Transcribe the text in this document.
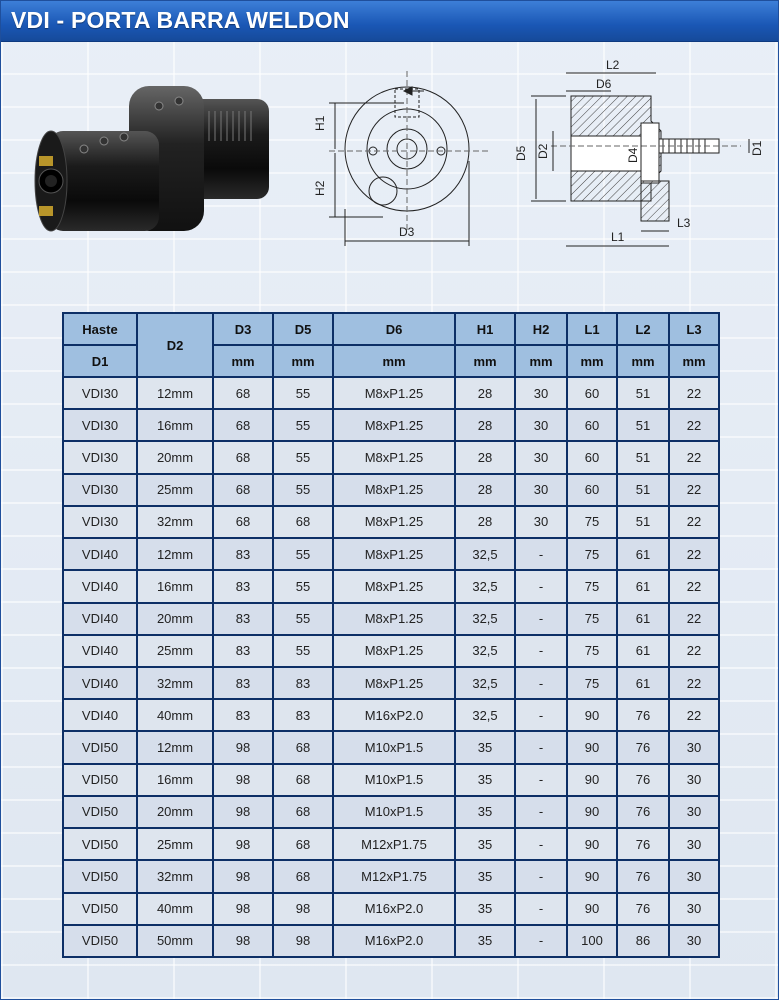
VDI - PORTA BARRA WELDON
H1
H2
D3
L2
D6
D5 D2	D4	D1
L1
L3
Haste	D2	D3	D5	D6	H1	H2	L1	L2	L3
D1		mm	mm	mm	mm	mm	mm	mm	mm
VDI30	12mm	68	55	M8xP1.25	28	30	60	51	22
VDI30	16mm	68	55	M8xP1.25	28	30	60	51	22
VDI30	20mm	68	55	M8xP1.25	28	30	60	51	22
VDI30	25mm	68	55	M8xP1.25	28	30	60	51	22
VDI30	32mm	68	68	M8xP1.25	28	30	75	51	22
VDI40	12mm	83	55	M8xP1.25	32,5	-	75	61	22
VDI40	16mm	83	55	M8xP1.25	32,5	-	75	61	22
VDI40	20mm	83	55	M8xP1.25	32,5	-	75	61	22
VDI40	25mm	83	55	M8xP1.25	32,5	-	75	61	22
VDI40	32mm	83	83	M8xP1.25	32,5	-	75	61	22
VDI40	40mm	83	83	M16xP2.0	32,5	-	90	76	22
VDI50	12mm	98	68	M10xP1.5	35	-	90	76	30
VDI50	16mm	98	68	M10xP1.5	35	-	90	76	30
VDI50	20mm	98	68	M10xP1.5	35	-	90	76	30
VDI50	25mm	98	68	M12xP1.75	35	-	90	76	30
VDI50	32mm	98	68	M12xP1.75	35	-	90	76	30
VDI50	40mm	98	98	M16xP2.0	35	-	90	76	30
VDI50	50mm	98	98	M16xP2.0	35	-	100	86	30
